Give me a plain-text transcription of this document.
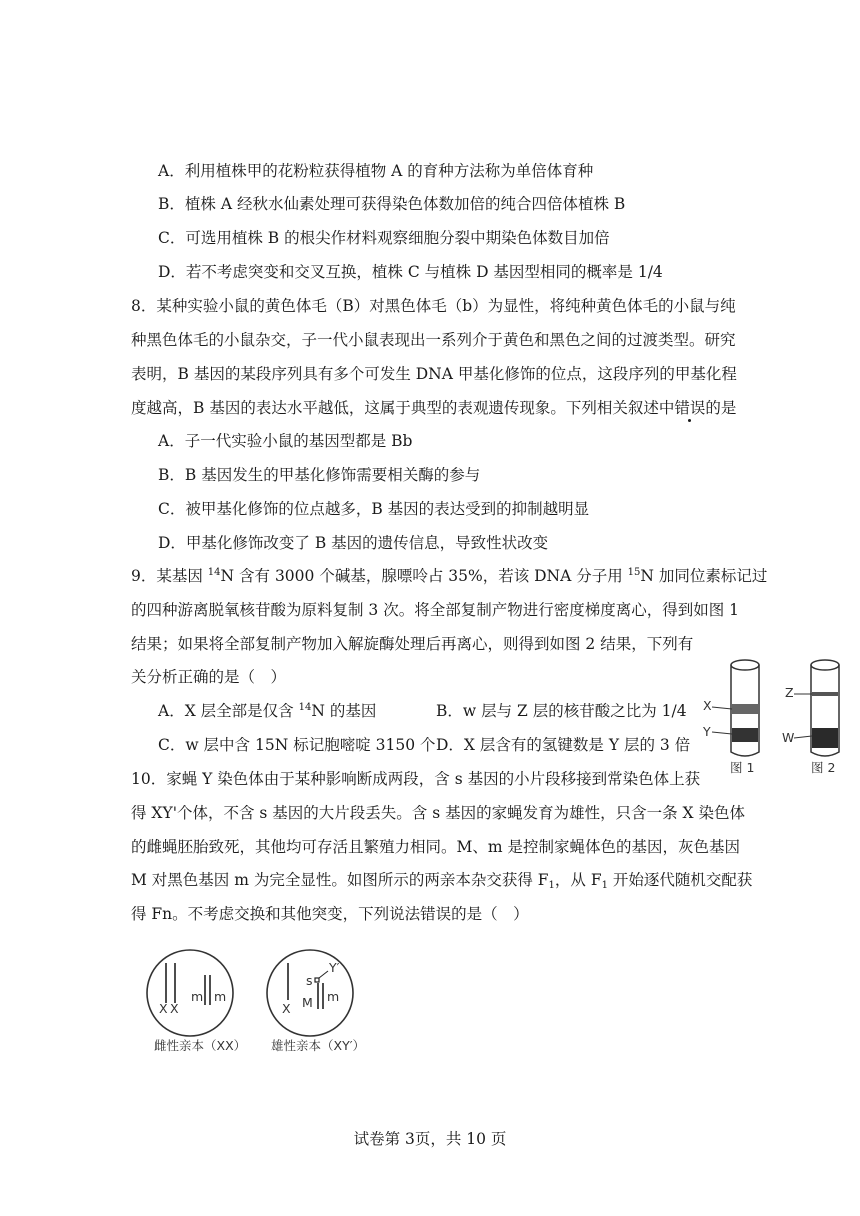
A．利用植株甲的花粉粒获得植物 A 的育种方法称为单倍体育种
B．植株 A 经秋水仙素处理可获得染色体数加倍的纯合四倍体植株 B
C．可选用植株 B 的根尖作材料观察细胞分裂中期染色体数目加倍
D．若不考虑突变和交叉互换，植株 C 与植株 D 基因型相同的概率是 1/4
8．某种实验小鼠的黄色体毛（B）对黑色体毛（b）为显性，将纯种黄色体毛的小鼠与纯
种黑色体毛的小鼠杂交，子一代小鼠表现出一系列介于黄色和黑色之间的过渡类型。研究
表明，B 基因的某段序列具有多个可发生 DNA 甲基化修饰的位点，这段序列的甲基化程
度越高，B 基因的表达水平越低，这属于典型的表观遗传现象。下列相关叙述中错误的是
A．子一代实验小鼠的基因型都是 Bb
B．B 基因发生的甲基化修饰需要相关酶的参与
C．被甲基化修饰的位点越多，B 基因的表达受到的抑制越明显
D．甲基化修饰改变了 B 基因的遗传信息，导致性状改变
9．某基因 $^{14}$N 含有 3000 个碱基，腺嘌呤占 35%，若该 DNA 分子用 $^{15}$N 加同位素标记过
的四种游离脱氧核苷酸为原料复制 3 次。将全部复制产物进行密度梯度离心，得到如图 1
结果；如果将全部复制产物加入解旋酶处理后再离心，则得到如图 2 结果，下列有
关分析正确的是（　）
A．X 层全部是仅含 $^{14}$N 的基因	B．w 层与 Z 层的核苷酸之比为 1/4
C．w 层中含 15N 标记胞嘧啶 3150 个 D．X 层含有的氢键数是 Y 层的 3 倍
X
Y
图 1
Z
W
图 2
10．家蝇 Y 染色体由于某种影响断成两段，含 s 基因的小片段移接到常染色体上获
得 XY'个体，不含 s 基因的大片段丢失。含 s 基因的家蝇发育为雄性，只含一条 X 染色体
的雌蝇胚胎致死，其他均可存活且繁殖力相同。M、m 是控制家蝇体色的基因，灰色基因
M 对黑色基因 m 为完全显性。如图所示的两亲本杂交获得 $F_1$，从 $F_1$ 开始逐代随机交配获
得 Fn。不考虑交换和其他突变，下列说法错误的是（　）
X X
m m
雌性亲本（XX）
X
s
Y′
M m
雄性亲本（XY′）
试卷第 3页，共 10 页
